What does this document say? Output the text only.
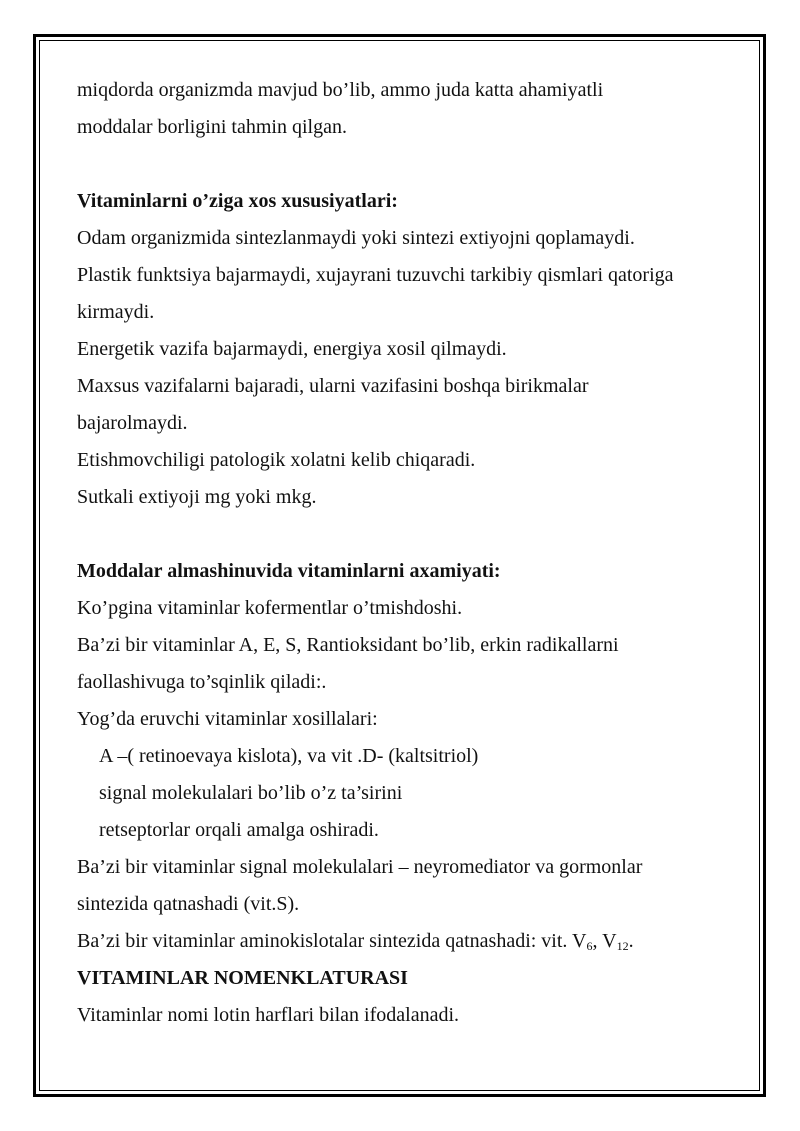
miqdorda organizmda mavjud bo’lib, ammo juda katta ahamiyatli
moddalar borligini tahmin qilgan.
Vitaminlarni o’ziga xos xususiyatlari:
Odam organizmida sintezlanmaydi yoki sintezi extiyojni qoplamaydi.
Plastik funktsiya bajarmaydi, xujayrani tuzuvchi tarkibiy qismlari qatoriga
kirmaydi.
Energetik vazifa bajarmaydi, energiya xosil qilmaydi.
Maxsus vazifalarni bajaradi, ularni vazifasini boshqa birikmalar
bajarolmaydi.
Etishmovchiligi patologik xolatni kelib chiqaradi.
Sutkali extiyoji mg yoki mkg.
Moddalar almashinuvida vitaminlarni axamiyati:
Ko’pgina vitaminlar kofermentlar o’tmishdoshi.
Ba’zi bir vitaminlar A, E, S, Rantioksidant bo’lib, erkin radikallarni
faollashivuga to’sqinlik qiladi:.
Yog’da eruvchi vitaminlar xosillalari:
A –( retinoevaya kislota), va vit .D- (kaltsitriol)
signal molekulalari bo’lib o’z ta’sirini
retseptorlar orqali amalga oshiradi.
Ba’zi bir vitaminlar signal molekulalari – neyromediator va gormonlar
sintezida qatnashadi (vit.S).
Ba’zi bir vitaminlar aminokislotalar sintezida qatnashadi: vit. $V_6$, $V_{12}$.
VITAMINLAR NOMENKLATURASI
Vitaminlar nomi lotin harflari bilan ifodalanadi.
